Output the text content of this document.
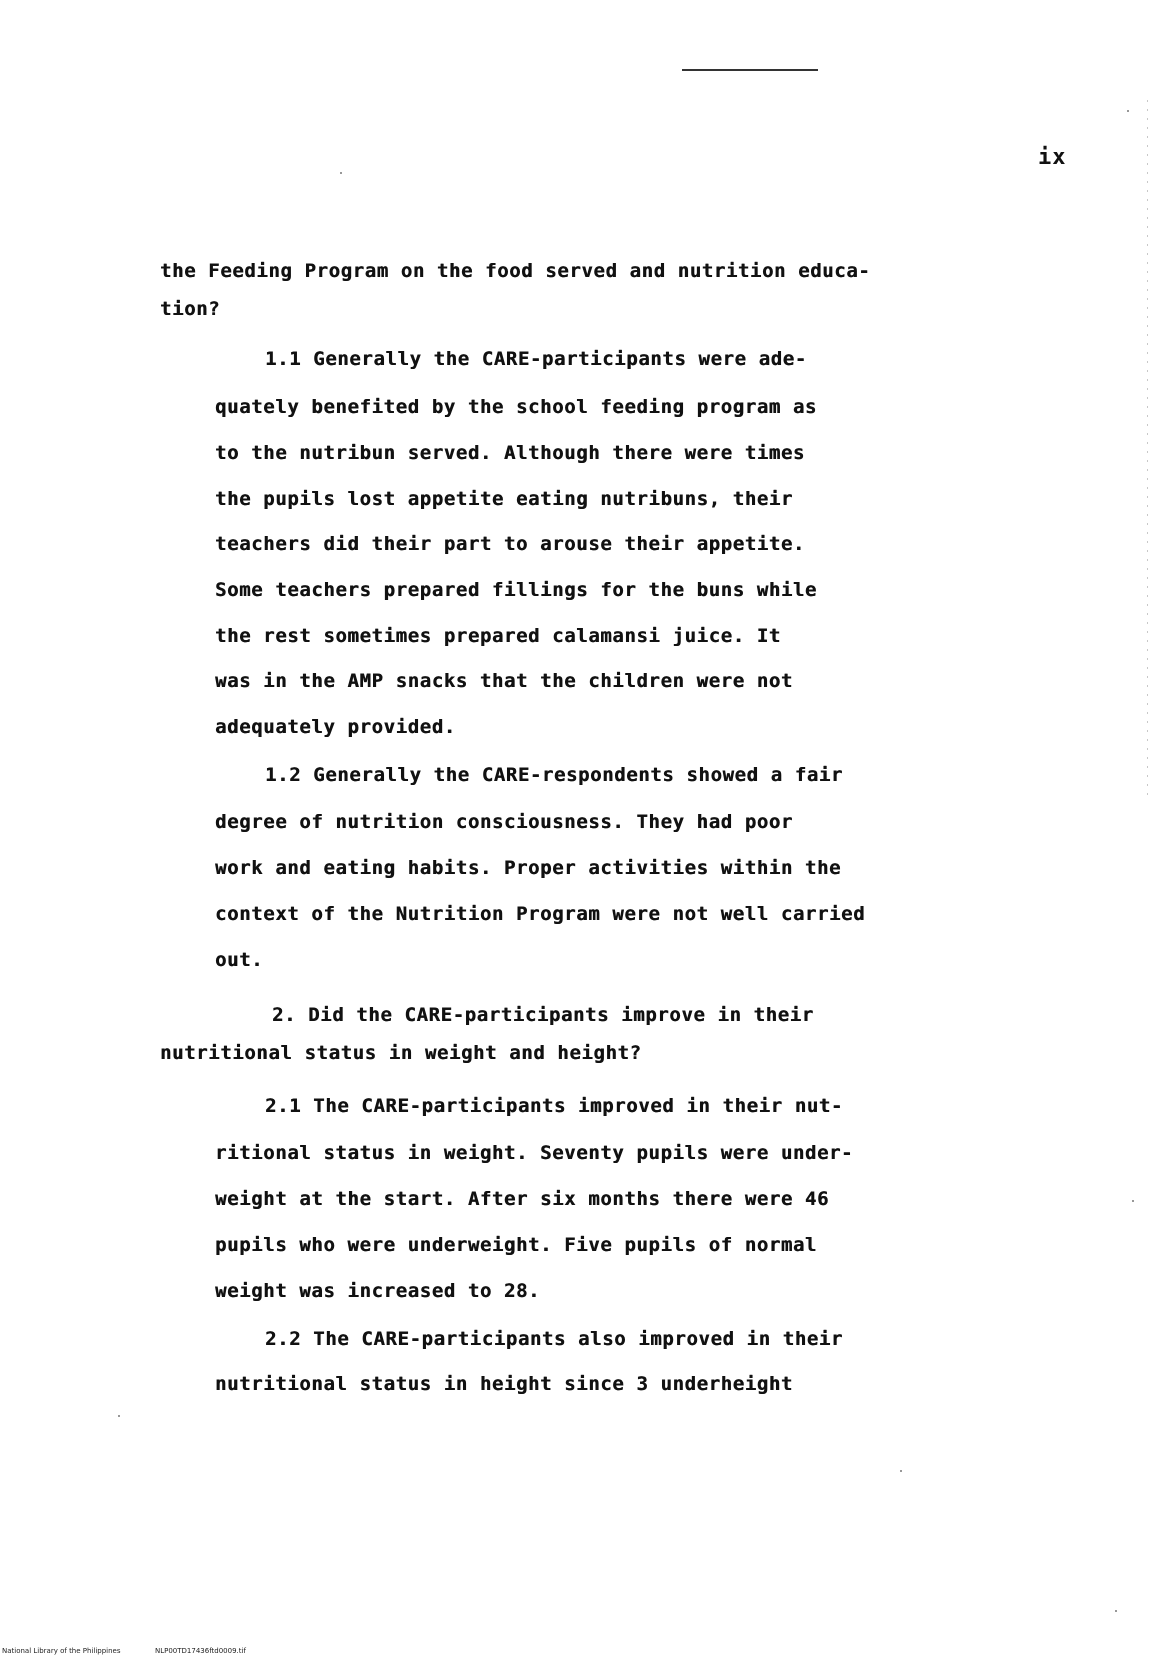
ix
the Feeding Program on the food served and nutrition educa-
tion?
1.1 Generally the CARE-participants were ade-
quately benefited by the school feeding program as
to the nutribun served. Although there were times
the pupils lost appetite eating nutribuns, their
teachers did their part to arouse their appetite.
Some teachers prepared fillings for the buns while
the rest sometimes prepared calamansi juice. It
was in the AMP snacks that the children were not
adequately provided.
1.2 Generally the CARE-respondents showed a fair
degree of nutrition consciousness. They had poor
work and eating habits. Proper activities within the
context of the Nutrition Program were not well carried
out.
2. Did the CARE-participants improve in their
nutritional status in weight and height?
2.1 The CARE-participants improved in their nut-
ritional status in weight. Seventy pupils were under-
weight at the start. After six months there were 46
pupils who were underweight. Five pupils of normal
weight was increased to 28.
2.2 The CARE-participants also improved in their
nutritional status in height since 3 underheight
National Library of the Philippines	NLP00TD17436ftd0009.tif
